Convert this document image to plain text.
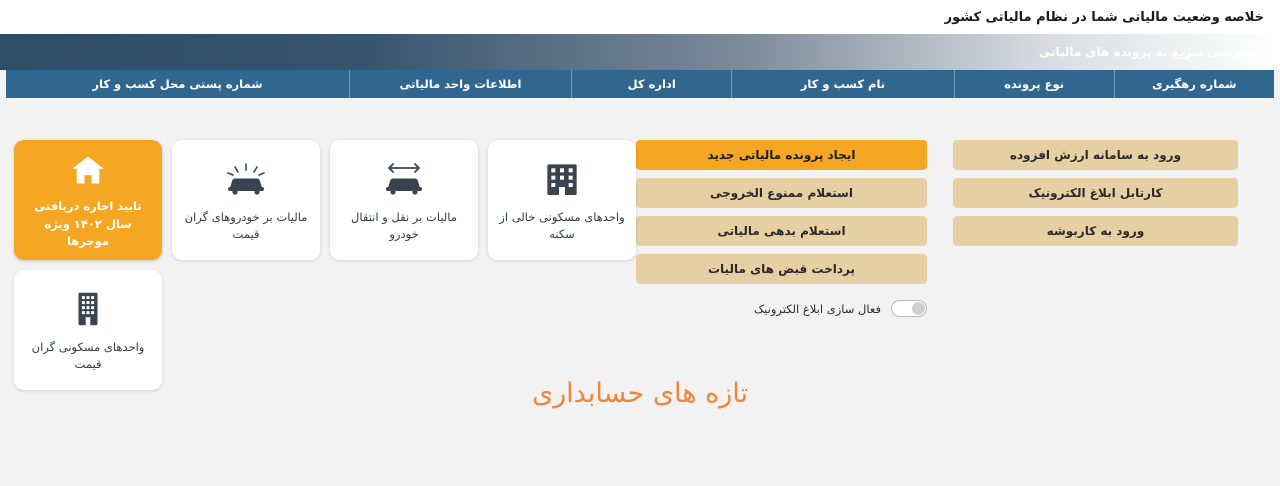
خلاصه وضعیت مالیاتی شما در نظام مالیاتی کشور
دسترسی سریع به پرونده های مالیاتی
شماره رهگیری
نوع پرونده
نام کسب و کار
اداره کل
اطلاعات واحد مالیاتی
شماره پستی محل کسب و کار
تایید اجاره دریافتی سال ۱۴۰۲ ویژه موجرها
واحدهای مسکونی گران قیمت
مالیات بر خودروهای گران قیمت
مالیات بر نقل و انتقال خودرو
واحدهای مسکونی خالی از سکنه
ایجاد پرونده مالیاتی جدید
استعلام ممنوع الخروجی
استعلام بدهی مالیاتی
پرداخت قبض های مالیات
فعال سازی ابلاغ الکترونیک
ورود به سامانه ارزش افزوده
کارتابل ابلاغ الکترونیک
ورود به کاربوشه
تازه های حسابداری
